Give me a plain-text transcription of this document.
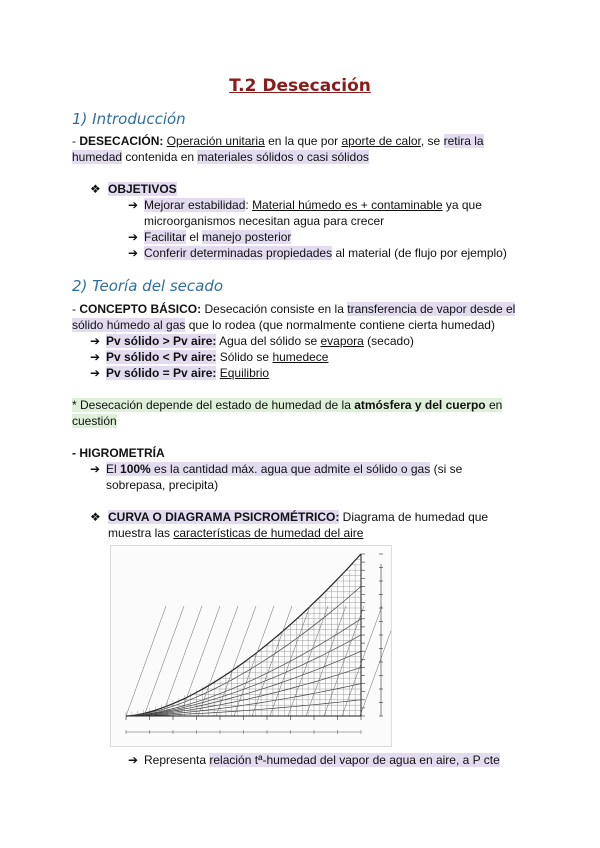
T.2 Desecación
1) Introducción
- DESECACIÓN: Operación unitaria en la que por aporte de calor, se retira la
humedad contenida en materiales sólidos o casi sólidos
❖ OBJETIVOS
➔ Mejorar estabilidad: Material húmedo es + contaminable ya que
microorganismos necesitan agua para crecer
➔ Facilitar el manejo posterior
➔ Conferir determinadas propiedades al material (de flujo por ejemplo)
2) Teoría del secado
- CONCEPTO BÁSICO: Desecación consiste en la transferencia de vapor desde el
sólido húmedo al gas que lo rodea (que normalmente contiene cierta humedad)
➔ Pv sólido > Pv aire: Agua del sólido se evapora (secado)
➔ Pv sólido < Pv aire: Sólido se humedece
➔ Pv sólido = Pv aire: Equilibrio
* Desecación depende del estado de humedad de la atmósfera y del cuerpo en
cuestión
- HIGROMETRÍA
➔ El 100% es la cantidad máx. agua que admite el sólido o gas (si se
sobrepasa, precipita)
❖ CURVA O DIAGRAMA PSICROMÉTRICO: Diagrama de humedad que
muestra las características de humedad del aire
➔ Representa relación tª-humedad del vapor de agua en aire, a P cte
